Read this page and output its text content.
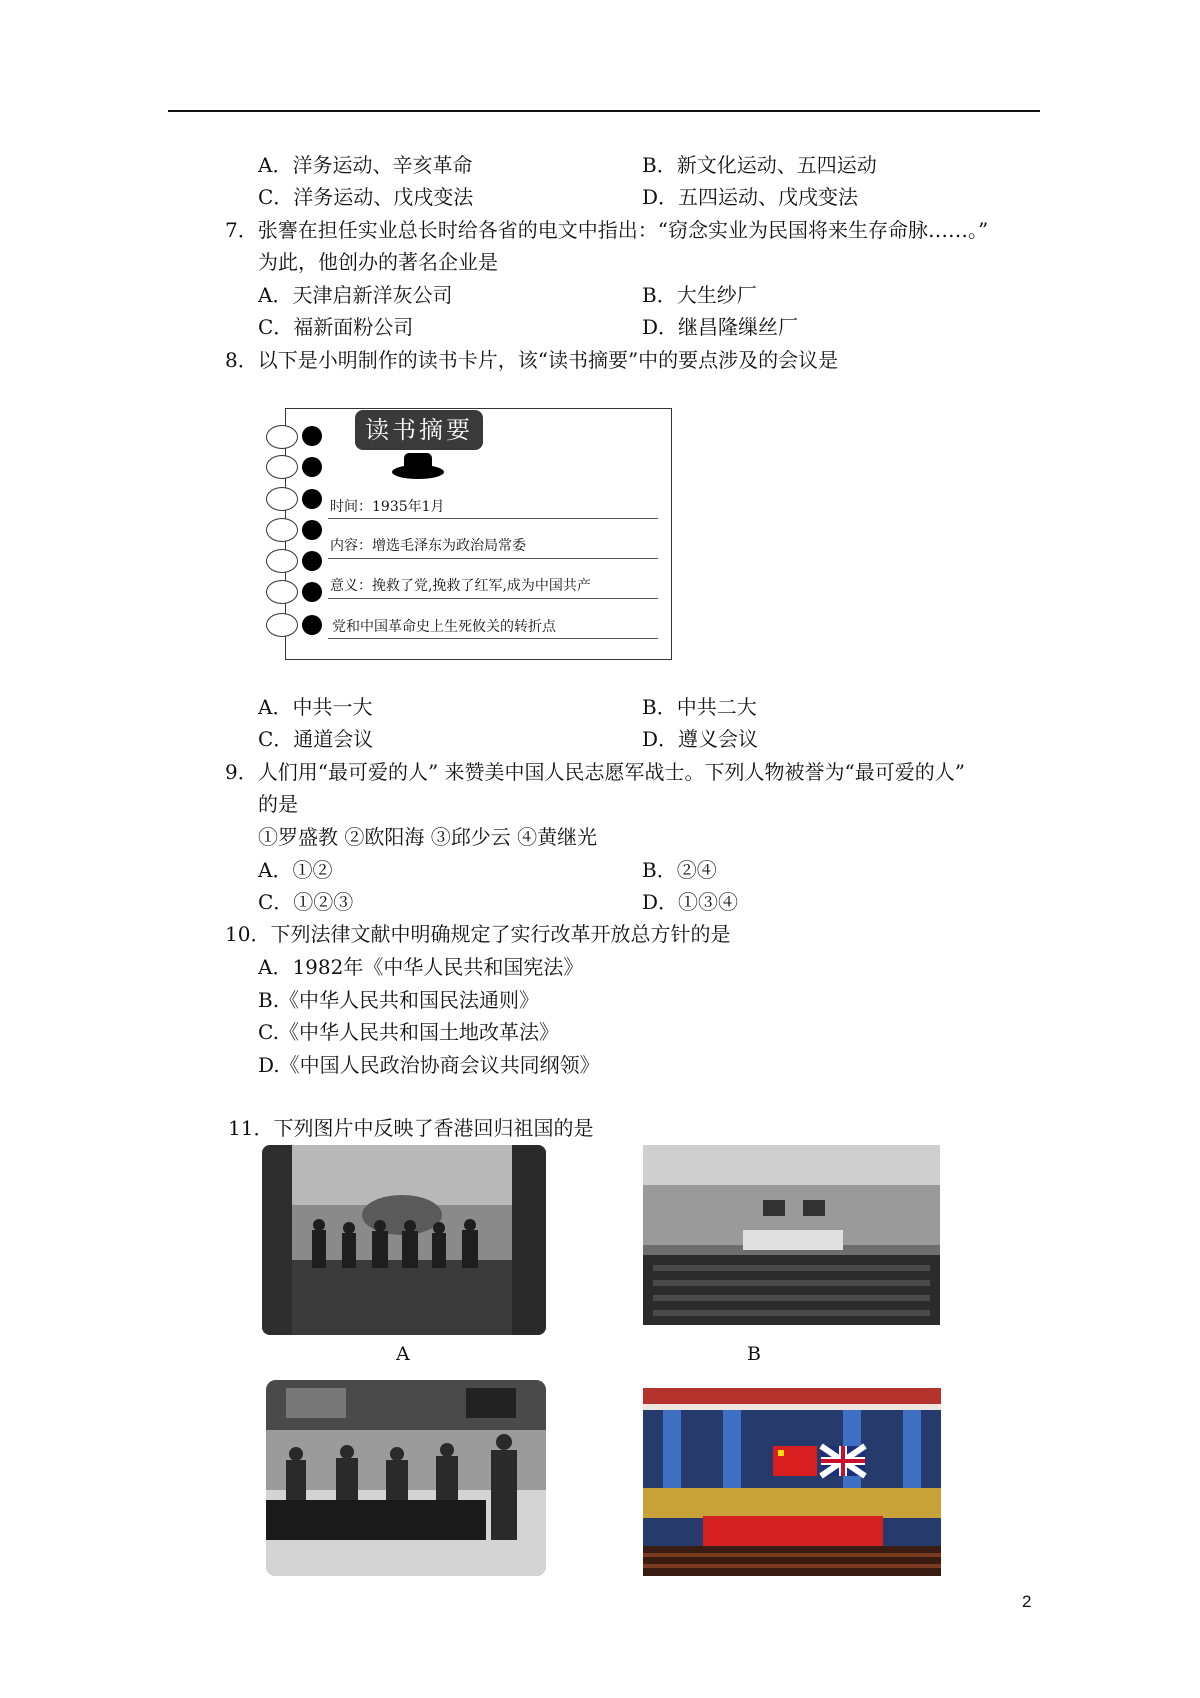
A．洋务运动、辛亥革命	B．新文化运动、五四运动
C．洋务运动、戊戌变法	D．五四运动、戊戌变法
7．张謇在担任实业总长时给各省的电文中指出：“窃念实业为民国将来生存命脉……。”
为此，他创办的著名企业是
A．天津启新洋灰公司	B．大生纱厂
C．福新面粉公司	D．继昌隆缫丝厂
8．以下是小明制作的读书卡片，该“读书摘要”中的要点涉及的会议是
读书摘要
时间：1935年1月
内容：增选毛泽东为政治局常委
意义：挽救了党,挽救了红军,成为中国共产
党和中国革命史上生死攸关的转折点
A．中共一大	B．中共二大
C．通道会议	D．遵义会议
9．人们用“最可爱的人” 来赞美中国人民志愿军战士。下列人物被誉为“最可爱的人”
的是
①罗盛教 ②欧阳海 ③邱少云 ④黄继光
A．①②	B．②④
C．①②③	D．①③④
10．下列法律文献中明确规定了实行改革开放总方针的是
A．1982年《中华人民共和国宪法》
B.《中华人民共和国民法通则》
C.《中华人民共和国土地改革法》
D.《中国人民政治协商会议共同纲领》
11．下列图片中反映了香港回归祖国的是
A	B
2
